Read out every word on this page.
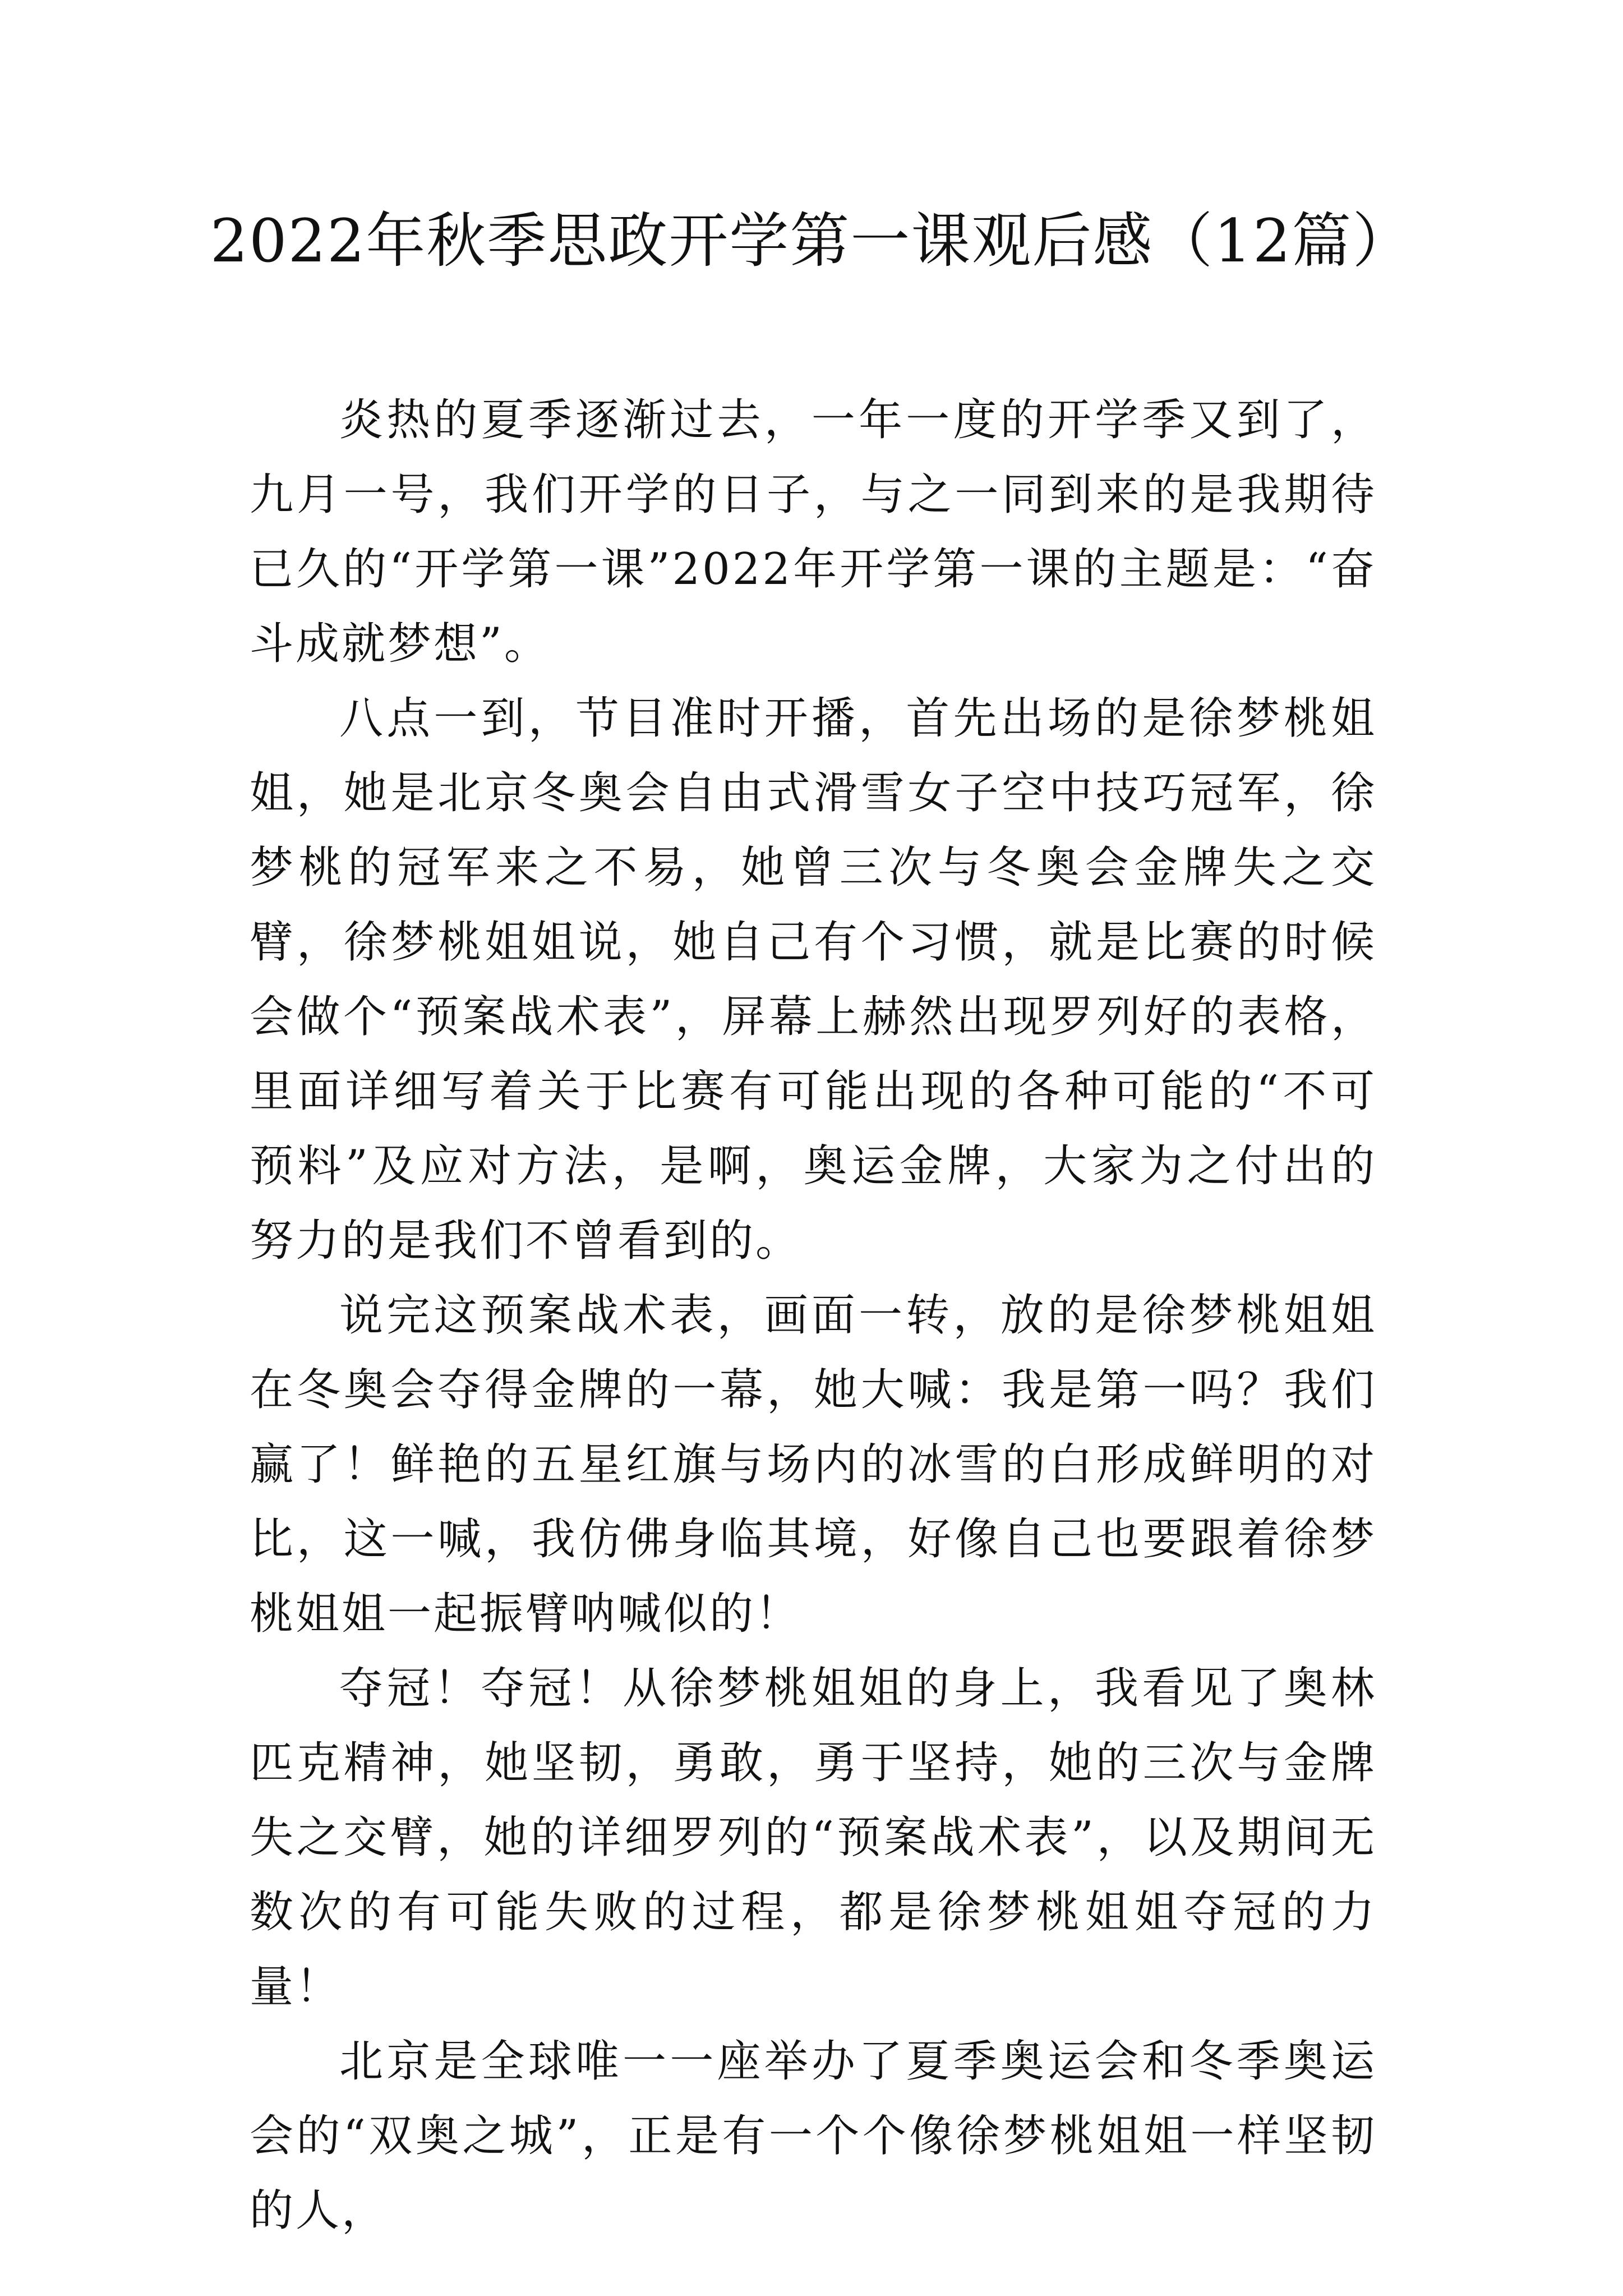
2022年秋季思政开学第一课观后感（12篇）

炎热的夏季逐渐过去，一年一度的开学季又到了，九月一号，我们开学的日子，与之一同到来的是我期待已久的“开学第一课”2022年开学第一课的主题是：“奋斗成就梦想”。

八点一到，节目准时开播，首先出场的是徐梦桃姐姐，她是北京冬奥会自由式滑雪女子空中技巧冠军，徐梦桃的冠军来之不易，她曾三次与冬奥会金牌失之交臂，徐梦桃姐姐说，她自己有个习惯，就是比赛的时候会做个“预案战术表”，屏幕上赫然出现罗列好的表格，里面详细写着关于比赛有可能出现的各种可能的“不可预料”及应对方法，是啊，奥运金牌，大家为之付出的努力的是我们不曾看到的。

说完这预案战术表，画面一转，放的是徐梦桃姐姐在冬奥会夺得金牌的一幕，她大喊：我是第一吗？我们赢了！鲜艳的五星红旗与场内的冰雪的白形成鲜明的对比，这一喊，我仿佛身临其境，好像自己也要跟着徐梦桃姐姐一起振臂呐喊似的！

夺冠！夺冠！从徐梦桃姐姐的身上，我看见了奥林匹克精神，她坚韧，勇敢，勇于坚持，她的三次与金牌失之交臂，她的详细罗列的“预案战术表”，以及期间无数次的有可能失败的过程，都是徐梦桃姐姐夺冠的力量！

北京是全球唯一一座举办了夏季奥运会和冬季奥运会的“双奥之城”，正是有一个个像徐梦桃姐姐一样坚韧的人，
